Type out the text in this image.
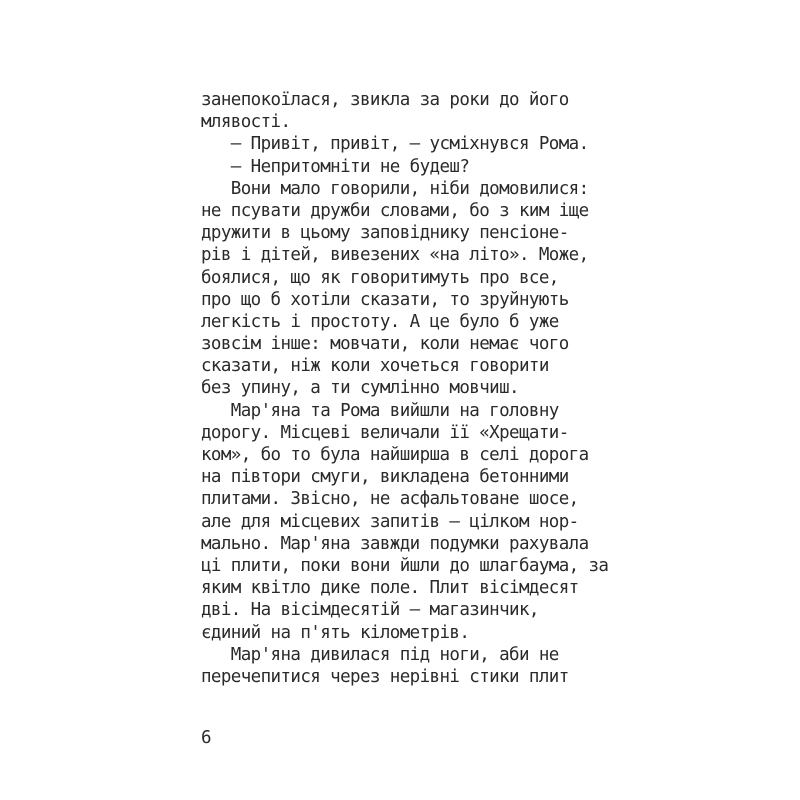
занепокоїлася, звикла за роки до його
млявості.
— Привіт, привіт, — усміхнувся Рома.
— Непритомніти не будеш?
Вони мало говорили, ніби домовилися:
не псувати дружби словами, бо з ким іще
дружити в цьому заповіднику пенсіоне-
рів і дітей, вивезених «на літо». Може,
боялися, що як говоритимуть про все,
про що б хотіли сказати, то зруйнують
легкість і простоту. А це було б уже
зовсім інше: мовчати, коли немає чого
сказати, ніж коли хочеться говорити
без упину, а ти сумлінно мовчиш.
Мар'яна та Рома вийшли на головну
дорогу. Місцеві величали її «Хрещати-
ком», бо то була найширша в селі дорога
на півтори смуги, викладена бетонними
плитами. Звісно, не асфальтоване шосе,
але для місцевих запитів — цілком нор-
мально. Мар'яна завжди подумки рахувала
ці плити, поки вони йшли до шлагбаума, за
яким квітло дике поле. Плит вісімдесят
дві. На вісімдесятій — магазинчик,
єдиний на п'ять кілометрів.
Мар'яна дивилася під ноги, аби не
перечепитися через нерівні стики плит
6
